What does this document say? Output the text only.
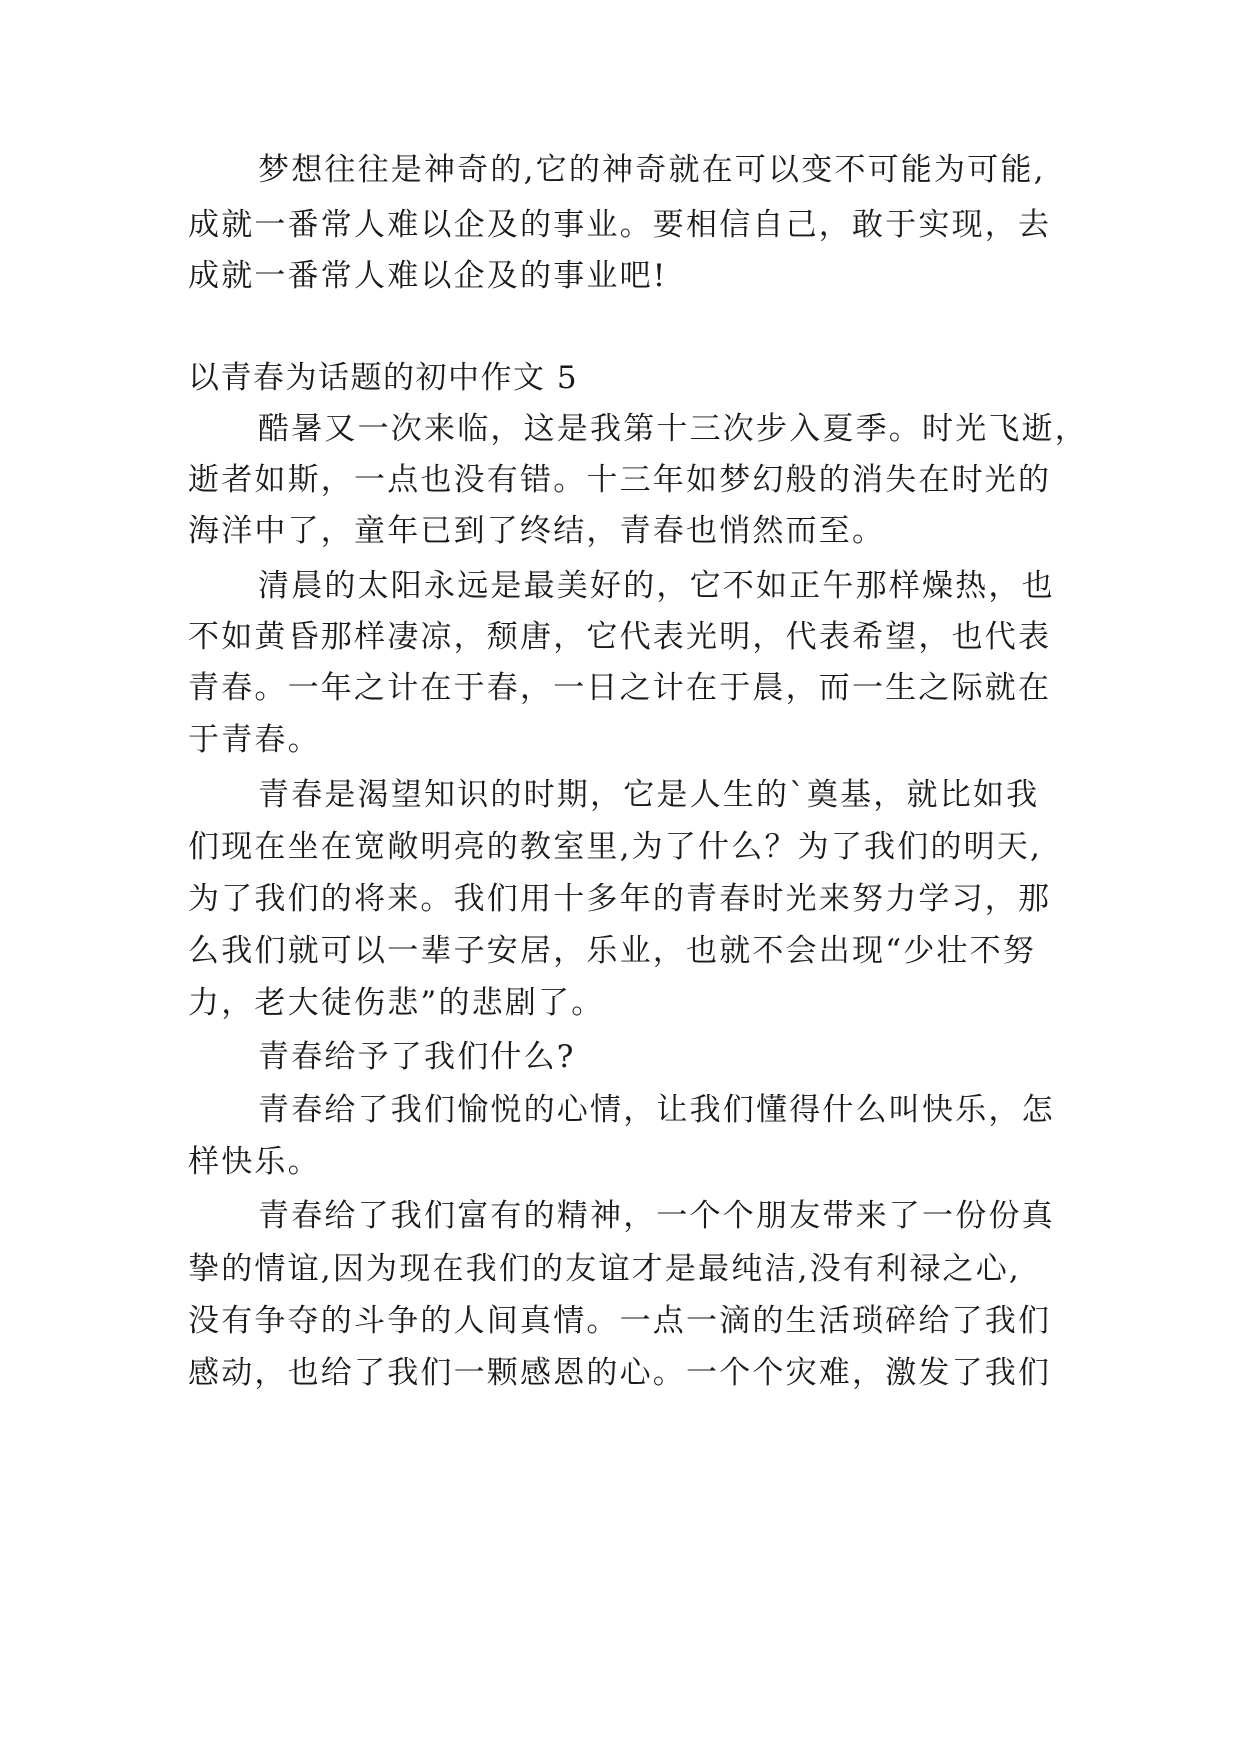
梦想往往是神奇的,它的神奇就在可以变不可能为可能,
成就一番常人难以企及的事业。要相信自己，敢于实现，去
成就一番常人难以企及的事业吧!
以青春为话题的初中作文 5
酷暑又一次来临，这是我第十三次步入夏季。时光飞逝，
逝者如斯，一点也没有错。十三年如梦幻般的消失在时光的
海洋中了，童年已到了终结，青春也悄然而至。
清晨的太阳永远是最美好的，它不如正午那样燥热，也
不如黄昏那样凄凉，颓唐，它代表光明，代表希望，也代表
青春。一年之计在于春，一日之计在于晨，而一生之际就在
于青春。
青春是渴望知识的时期，它是人生的`奠基，就比如我
们现在坐在宽敞明亮的教室里,为了什么？为了我们的明天,
为了我们的将来。我们用十多年的青春时光来努力学习，那
么我们就可以一辈子安居，乐业，也就不会出现“少壮不努
力，老大徒伤悲”的悲剧了。
青春给予了我们什么?
青春给了我们愉悦的心情，让我们懂得什么叫快乐，怎
样快乐。
青春给了我们富有的精神，一个个朋友带来了一份份真
挚的情谊,因为现在我们的友谊才是最纯洁,没有利禄之心,
没有争夺的斗争的人间真情。一点一滴的生活琐碎给了我们
感动，也给了我们一颗感恩的心。一个个灾难，激发了我们
